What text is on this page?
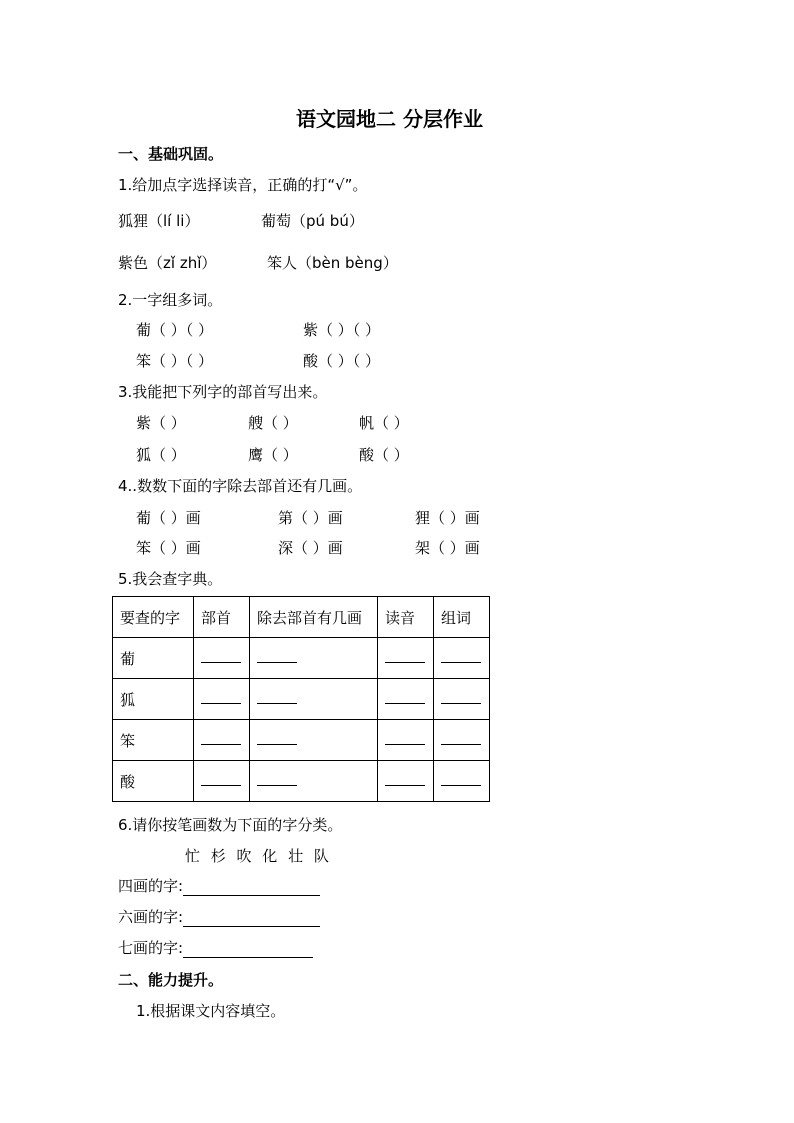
语文园地二 分层作业
一、基础巩固。
1.给加点字选择读音，正确的打“√”。
狐狸（lí li）	葡萄（pú bú）
紫色（zǐ zhǐ）	笨人（bèn bèng）
2.一字组多词。
葡（ ）（ ）	紫（ ）（ ）
笨（ ）（ ）	酸（ ）（ ）
3.我能把下列字的部首写出来。
紫（ ）	艘（ ）	帆（ ）
狐（ ）	鹰（ ）	酸（ ）
4..数数下面的字除去部首还有几画。
葡（ ）画	第（ ）画	狸（ ）画
笨（ ）画	深（ ）画	架（ ）画
5.我会查字典。
要查的字	部首	除去部首有几画	读音	组词
葡				
狐				
笨				
酸				
6.请你按笔画数为下面的字分类。
忙 杉 吹 化 壮 队
四画的字:
六画的字:
七画的字:
二、能力提升。
1.根据课文内容填空。
